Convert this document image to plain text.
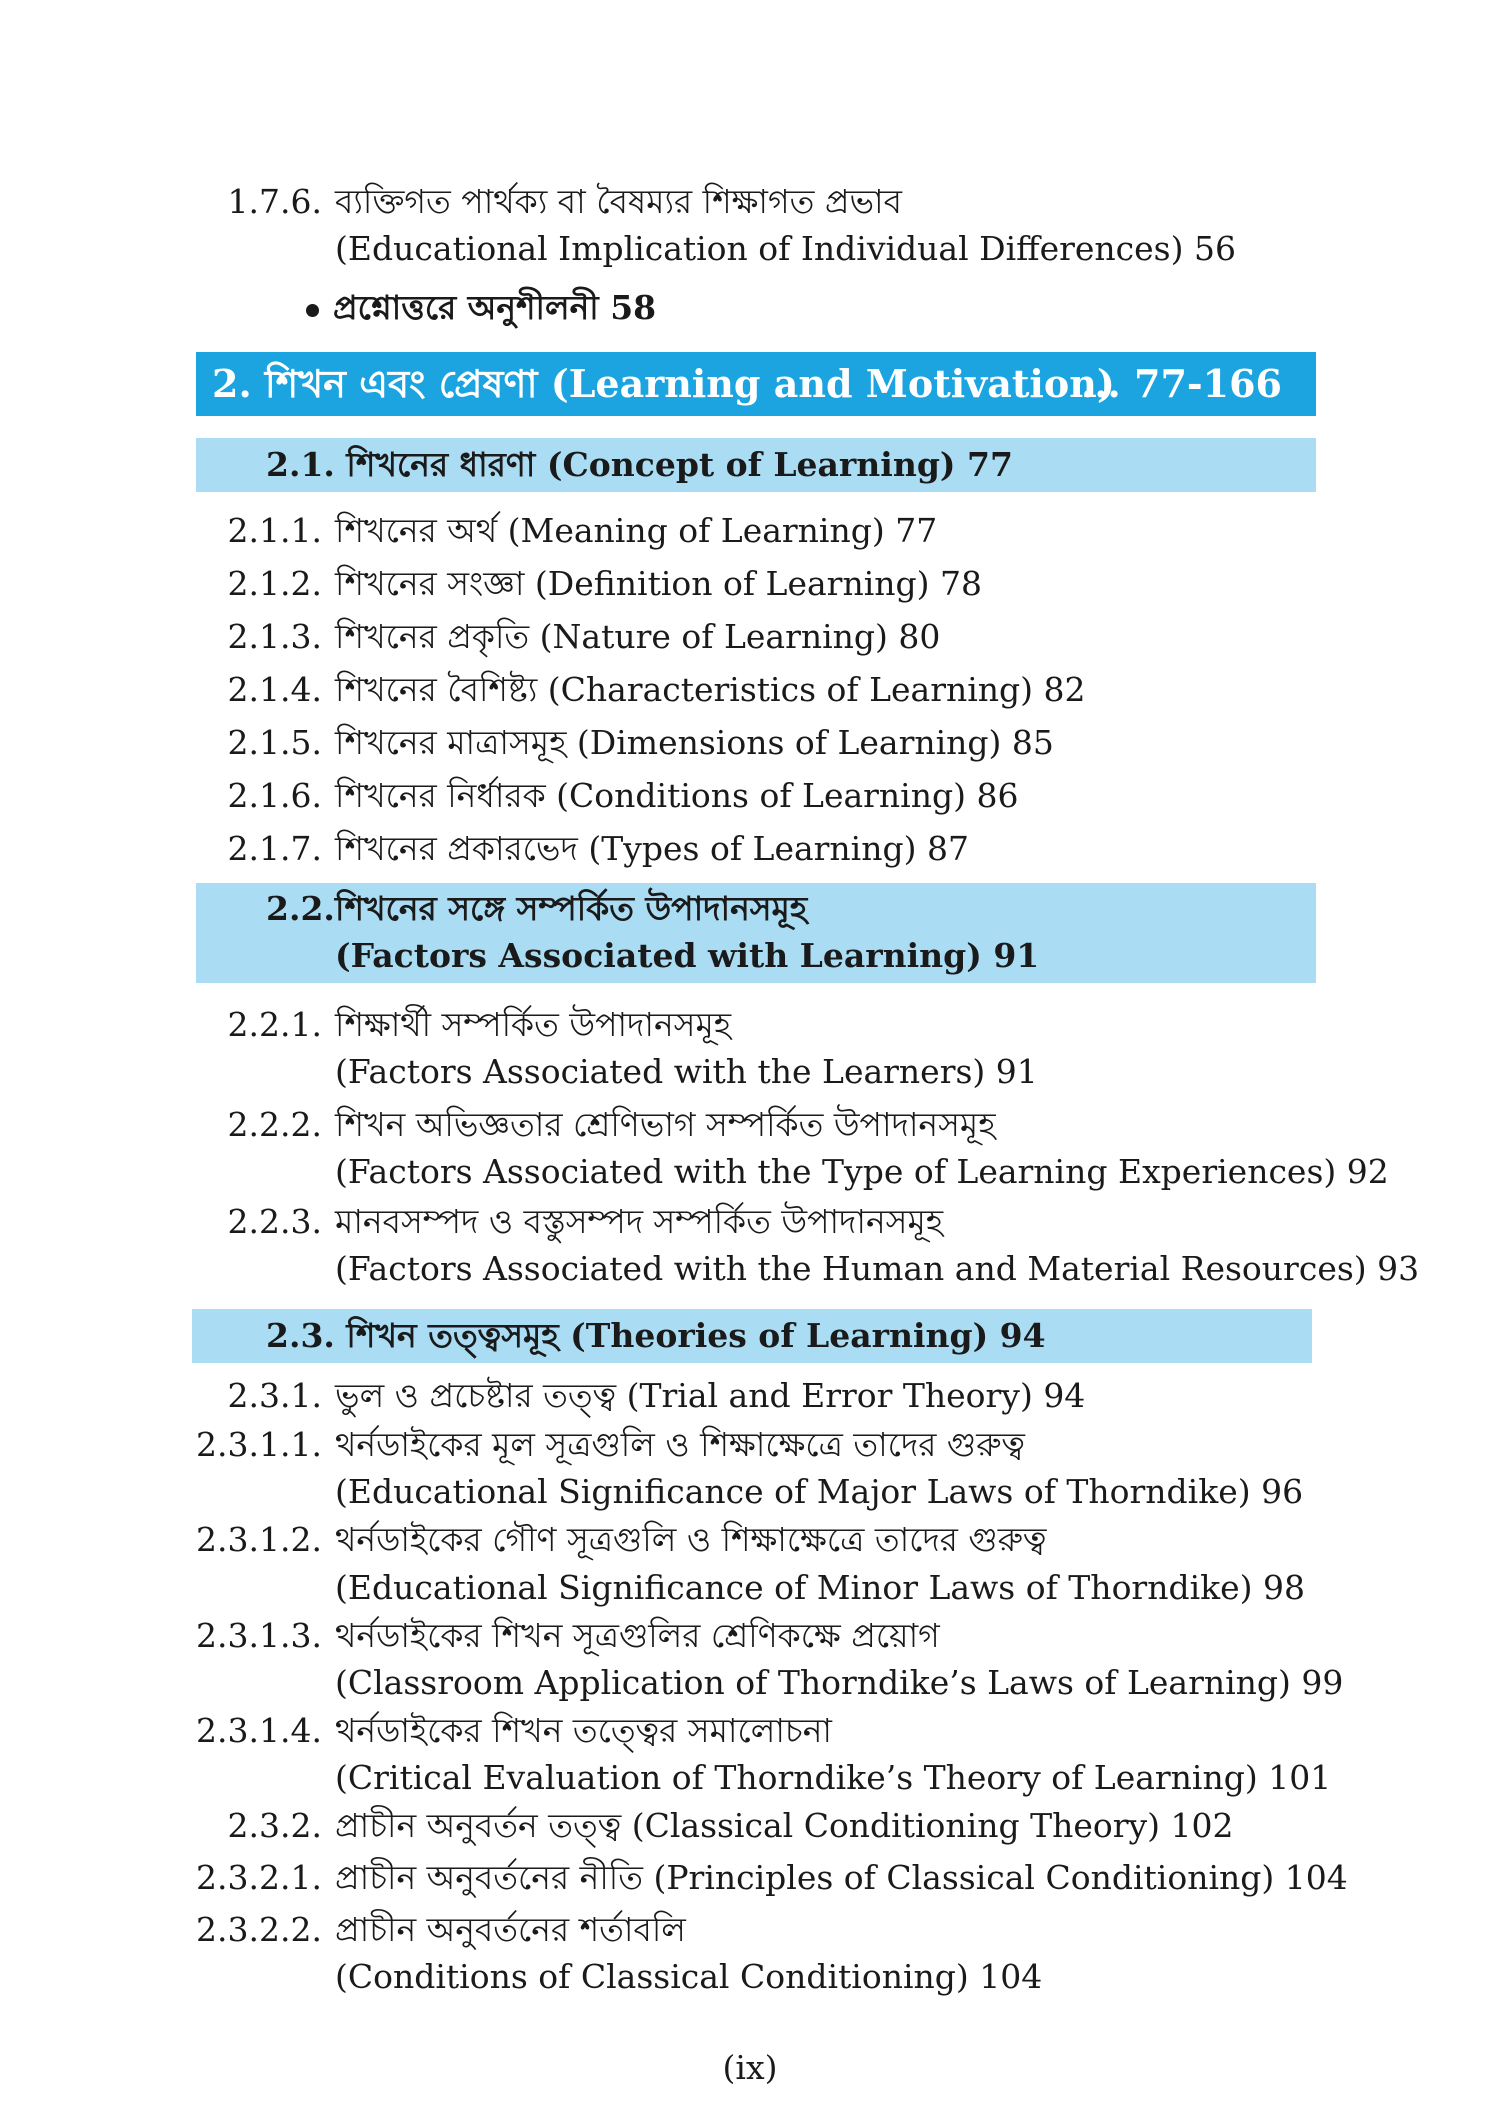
1.7.6. ব্যক্তিগত পার্থক্য বা বৈষম্যর শিক্ষাগত প্রভাব
(Educational Implication of Individual Differences) 56
প্রশ্নোত্তরে অনুশীলনী 58
2. শিখন এবং প্রেষণা (Learning and Motivation)
... 77-166
2.1. শিখনের ধারণা (Concept of Learning) 77
2.1.1. শিখনের অর্থ (Meaning of Learning) 77
2.1.2. শিখনের সংজ্ঞা (Definition of Learning) 78
2.1.3. শিখনের প্রকৃতি (Nature of Learning) 80
2.1.4. শিখনের বৈশিষ্ট্য (Characteristics of Learning) 82
2.1.5. শিখনের মাত্রাসমূহ (Dimensions of Learning) 85
2.1.6. শিখনের নির্ধারক (Conditions of Learning) 86
2.1.7. শিখনের প্রকারভেদ (Types of Learning) 87
2.2. শিখনের সঙ্গে সম্পর্কিত উপাদানসমূহ
(Factors Associated with Learning) 91
2.2.1. শিক্ষার্থী সম্পর্কিত উপাদানসমূহ
(Factors Associated with the Learners) 91
2.2.2. শিখন অভিজ্ঞতার শ্রেণিভাগ সম্পর্কিত উপাদানসমূহ
(Factors Associated with the Type of Learning Experiences) 92
2.2.3. মানবসম্পদ ও বস্তুসম্পদ সম্পর্কিত উপাদানসমূহ
(Factors Associated with the Human and Material Resources) 93
2.3. শিখন তত্ত্বসমূহ (Theories of Learning) 94
2.3.1. ভুল ও প্রচেষ্টার তত্ত্ব (Trial and Error Theory) 94
2.3.1.1. থর্নডাইকের মূল সূত্রগুলি ও শিক্ষাক্ষেত্রে তাদের গুরুত্ব
(Educational Significance of Major Laws of Thorndike) 96
2.3.1.2. থর্নডাইকের গৌণ সূত্রগুলি ও শিক্ষাক্ষেত্রে তাদের গুরুত্ব
(Educational Significance of Minor Laws of Thorndike) 98
2.3.1.3. থর্নডাইকের শিখন সূত্রগুলির শ্রেণিকক্ষে প্রয়োগ
(Classroom Application of Thorndike’s Laws of Learning) 99
2.3.1.4. থর্নডাইকের শিখন তত্ত্বের সমালোচনা
(Critical Evaluation of Thorndike’s Theory of Learning) 101
2.3.2. প্রাচীন অনুবর্তন তত্ত্ব (Classical Conditioning Theory) 102
2.3.2.1. প্রাচীন অনুবর্তনের নীতি (Principles of Classical Conditioning) 104
2.3.2.2. প্রাচীন অনুবর্তনের শর্তাবলি
(Conditions of Classical Conditioning) 104
(ix)
